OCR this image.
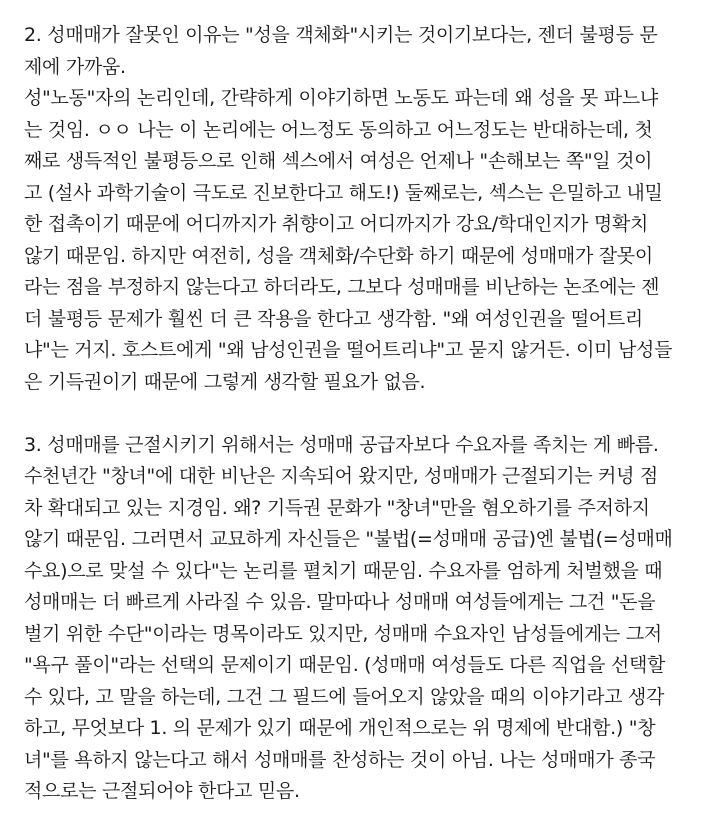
2. 성매매가 잘못인 이유는 "성을 객체화"시키는 것이기보다는, 젠더 불평등 문
제에 가까움.
성"노동"자의 논리인데, 간략하게 이야기하면 노동도 파는데 왜 성을 못 파느냐
는 것임. ㅇㅇ 나는 이 논리에는 어느정도 동의하고 어느정도는 반대하는데, 첫
째로 생득적인 불평등으로 인해 섹스에서 여성은 언제나 "손해보는 쪽"일 것이
고 (설사 과학기술이 극도로 진보한다고 해도!) 둘째로는, 섹스는 은밀하고 내밀
한 접촉이기 때문에 어디까지가 취향이고 어디까지가 강요/학대인지가 명확치
않기 때문임. 하지만 여전히, 성을 객체화/수단화 하기 때문에 성매매가 잘못이
라는 점을 부정하지 않는다고 하더라도, 그보다 성매매를 비난하는 논조에는 젠
더 불평등 문제가 훨씬 더 큰 작용을 한다고 생각함. "왜 여성인권을 떨어트리
냐"는 거지. 호스트에게 "왜 남성인권을 떨어트리냐"고 묻지 않거든. 이미 남성들
은 기득권이기 때문에 그렇게 생각할 필요가 없음.
3. 성매매를 근절시키기 위해서는 성매매 공급자보다 수요자를 족치는 게 빠름.
수천년간 "창녀"에 대한 비난은 지속되어 왔지만, 성매매가 근절되기는 커녕 점
차 확대되고 있는 지경임. 왜? 기득권 문화가 "창녀"만을 혐오하기를 주저하지
않기 때문임. 그러면서 교묘하게 자신들은 "불법(=성매매 공급)엔 불법(=성매매
수요)으로 맞설 수 있다"는 논리를 펼치기 때문임. 수요자를 엄하게 처벌했을 때
성매매는 더 빠르게 사라질 수 있음. 말마따나 성매매 여성들에게는 그건 "돈을
벌기 위한 수단"이라는 명목이라도 있지만, 성매매 수요자인 남성들에게는 그저
"욕구 풀이"라는 선택의 문제이기 때문임. (성매매 여성들도 다른 직업을 선택할
수 있다, 고 말을 하는데, 그건 그 필드에 들어오지 않았을 때의 이야기라고 생각
하고, 무엇보다 1. 의 문제가 있기 때문에 개인적으로는 위 명제에 반대함.) "창
녀"를 욕하지 않는다고 해서 성매매를 찬성하는 것이 아님. 나는 성매매가 종국
적으로는 근절되어야 한다고 믿음.
